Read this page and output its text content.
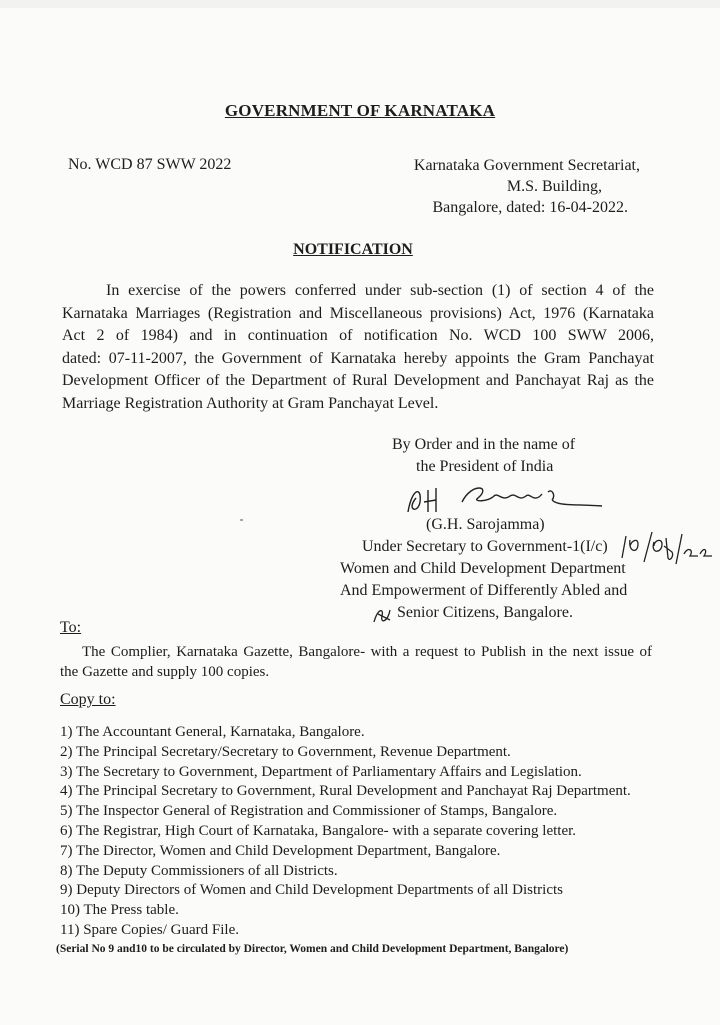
GOVERNMENT OF KARNATAKA
No. WCD 87 SWW 2022	Karnataka Government Secretariat,
M.S. Building,
Bangalore, dated: 16-04-2022.
NOTIFICATION
In exercise of the powers conferred under sub-section (1) of section 4 of the
Karnataka Marriages (Registration and Miscellaneous provisions) Act, 1976 (Karnataka
Act 2 of 1984) and in continuation of notification No. WCD 100 SWW 2006,
dated: 07-11-2007, the Government of Karnataka hereby appoints the Gram Panchayat
Development Officer of the Department of Rural Development and Panchayat Raj as the
Marriage Registration Authority at Gram Panchayat Level.
By Order and in the name of
the President of India
(G.H. Sarojamma)
Under Secretary to Government-1(I/c)
Women and Child Development Department
And Empowerment of Differently Abled and
Senior Citizens, Bangalore.
To:
The Complier, Karnataka Gazette, Bangalore- with a request to Publish in the next issue of
the Gazette and supply 100 copies.
Copy to:
1) The Accountant General, Karnataka, Bangalore.
2) The Principal Secretary/Secretary to Government, Revenue Department.
3) The Secretary to Government, Department of Parliamentary Affairs and Legislation.
4) The Principal Secretary to Government, Rural Development and Panchayat Raj Department.
5) The Inspector General of Registration and Commissioner of Stamps, Bangalore.
6) The Registrar, High Court of Karnataka, Bangalore- with a separate covering letter.
7) The Director, Women and Child Development Department, Bangalore.
8) The Deputy Commissioners of all Districts.
9) Deputy Directors of Women and Child Development Departments of all Districts
10) The Press table.
11) Spare Copies/ Guard File.
(Serial No 9 and10 to be circulated by Director, Women and Child Development Department, Bangalore)
